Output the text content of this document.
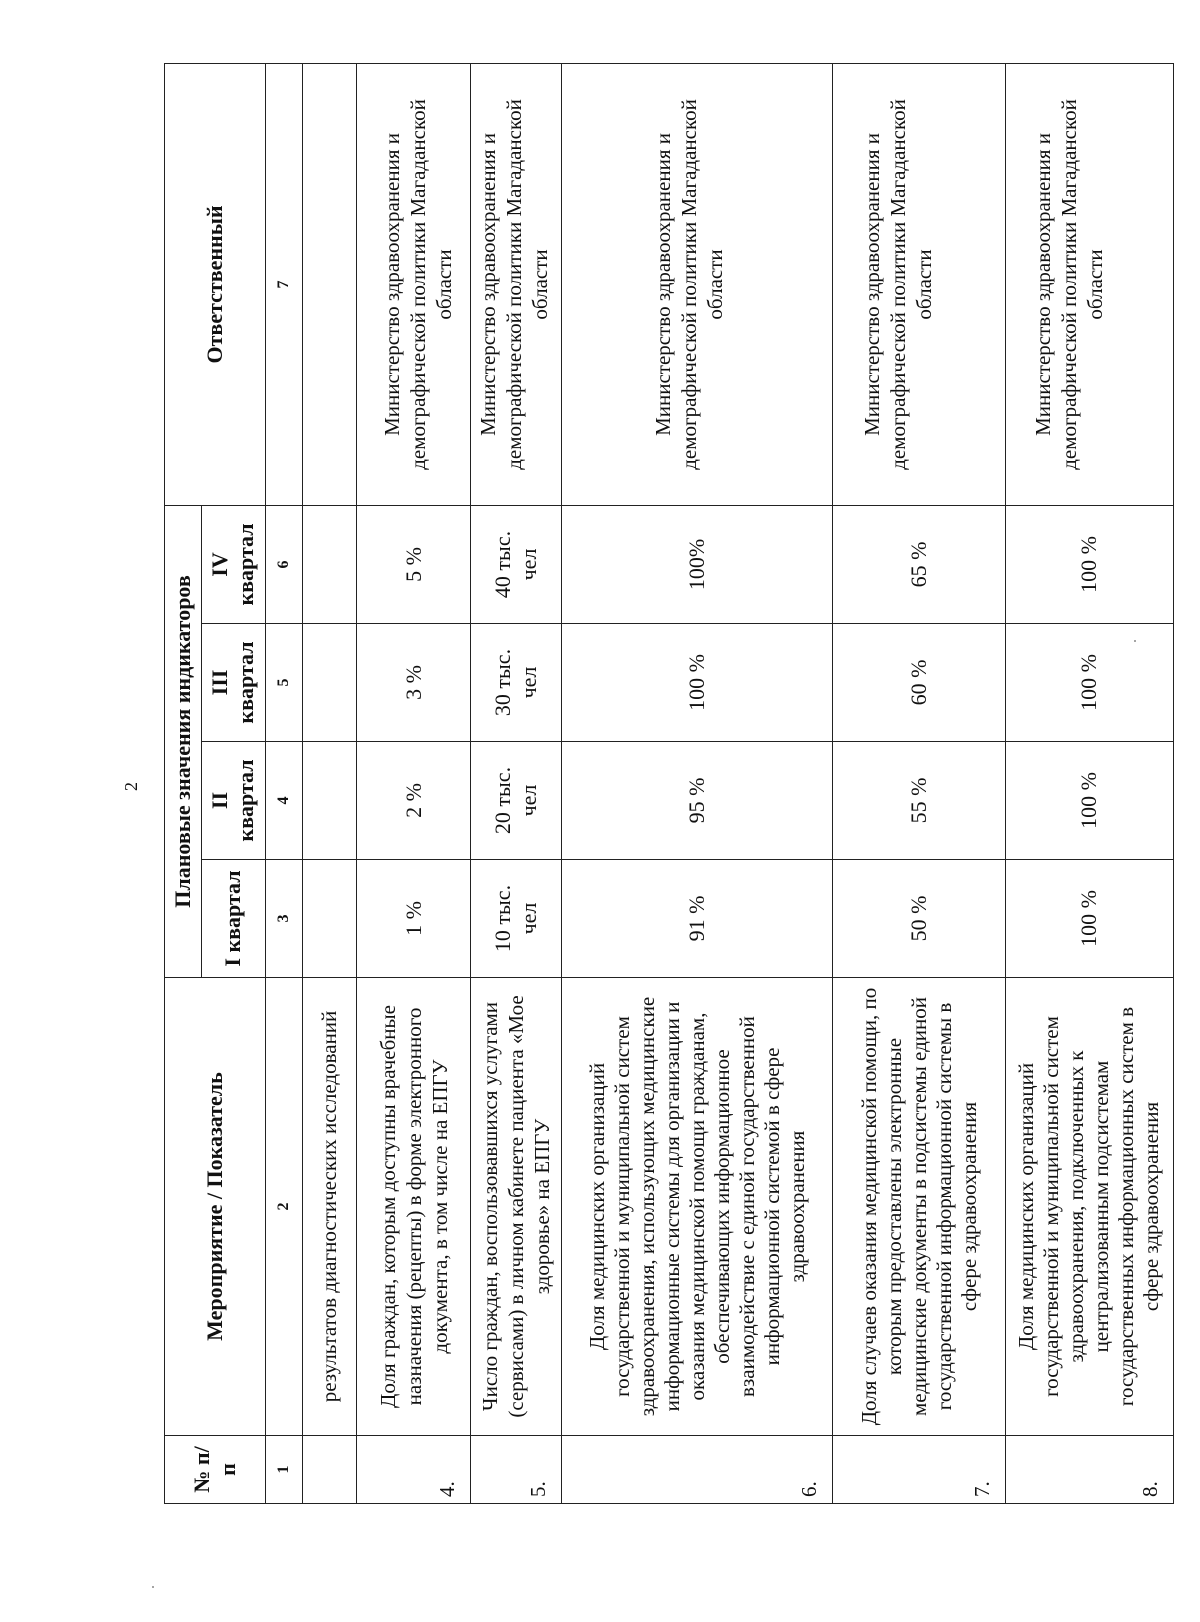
2
№ п/п	Мероприятие / Показатель	Плановые значения индикаторов				Ответственный
		I квартал	II квартал	III квартал	IV квартал	
1	2	3	4	5	6	7
	результатов диагностических исследований					
4.	Доля граждан, которым доступны врачебные назначения (рецепты) в форме электронного документа, в том числе на ЕПГУ	1 %	2 %	3 %	5 %	Министерство здравоохранения и демографической политики Магаданской области
5.	Число граждан, воспользовавшихся услугами (сервисами) в личном кабинете пациента «Мое здоровье» на ЕПГУ	10 тыс. чел	20 тыс. чел	30 тыс. чел	40 тыс. чел	Министерство здравоохранения и демографической политики Магаданской области
6.	Доля медицинских организаций государственной и муниципальной систем здравоохранения, использующих медицинские информационные системы для организации и оказания медицинской помощи гражданам, обеспечивающих информационное взаимодействие с единой государственной информационной системой в сфере здравоохранения	91 %	95 %	100 %	100%	Министерство здравоохранения и демографической политики Магаданской области
7.	Доля случаев оказания медицинской помощи, по которым предоставлены электронные медицинские документы в подсистемы единой государственной информационной системы в сфере здравоохранения	50 %	55 %	60 %	65 %	Министерство здравоохранения и демографической политики Магаданской области
8.	Доля медицинских организаций государственной и муниципальной систем здравоохранения, подключенных к централизованным подсистемам государственных информационных систем в сфере здравоохранения	100 %	100 %	100 %	100 %	Министерство здравоохранения и демографической политики Магаданской области
